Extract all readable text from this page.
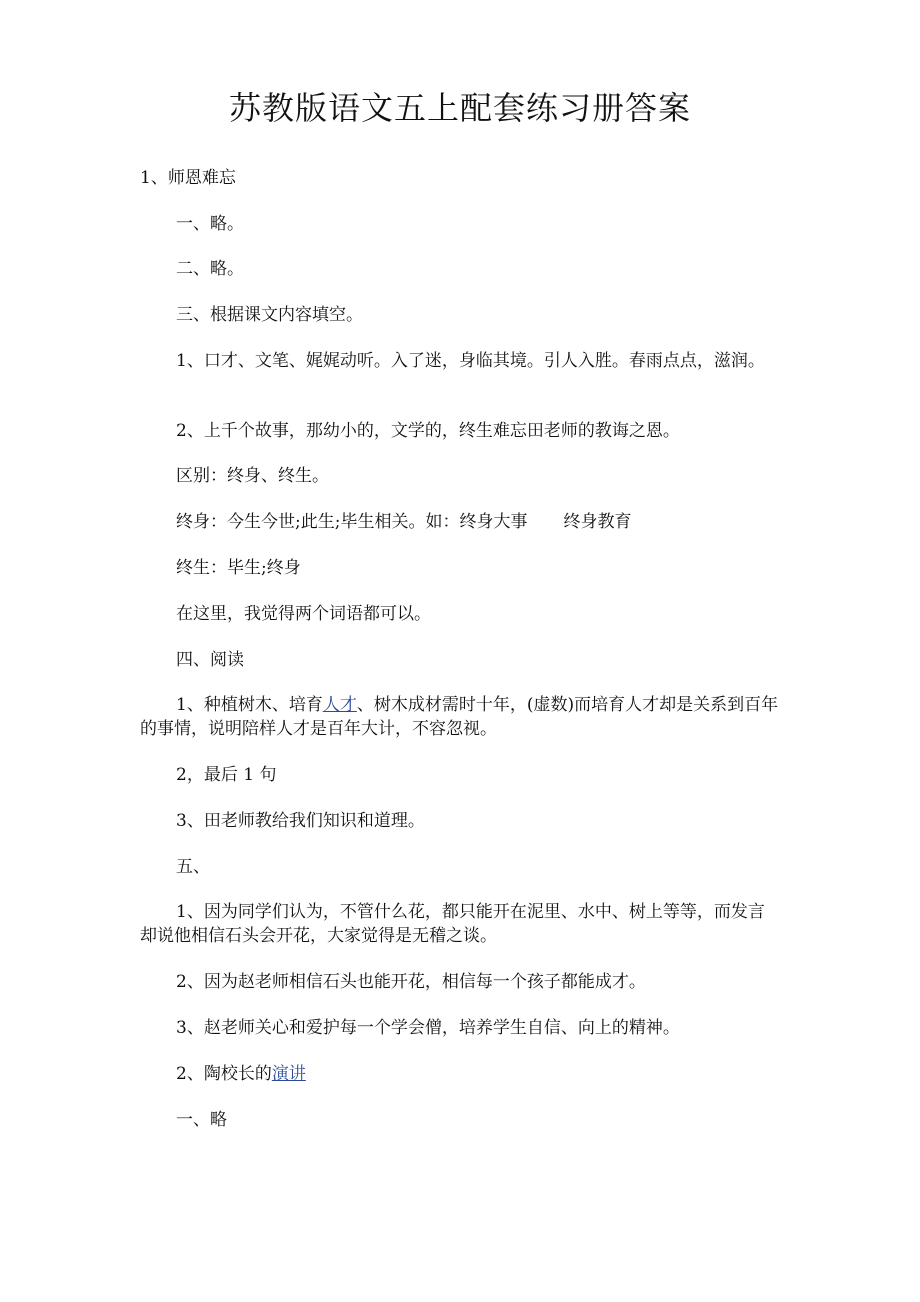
苏教版语文五上配套练习册答案

1、师恩难忘

一、略。

二、略。

三、根据课文内容填空。

1、口才、文笔、娓娓动听。入了迷，身临其境。引人入胜。春雨点点，滋润。

2、上千个故事，那幼小的，文学的，终生难忘田老师的教诲之恩。

区别：终身、终生。

终身：今生今世;此生;毕生相关。如：终身大事 终身教育

终生：毕生;终身

在这里，我觉得两个词语都可以。

四、阅读

1、种植树木、培育人才、树木成材需时十年，(虚数)而培育人才却是关系到百年的事情，说明陪样人才是百年大计，不容忽视。

2，最后 1 句

3、田老师教给我们知识和道理。

五、

1、因为同学们认为，不管什么花，都只能开在泥里、水中、树上等等，而发言却说他相信石头会开花，大家觉得是无稽之谈。

2、因为赵老师相信石头也能开花，相信每一个孩子都能成才。

3、赵老师关心和爱护每一个学会僧，培养学生自信、向上的精神。

2、陶校长的演讲

一、略
